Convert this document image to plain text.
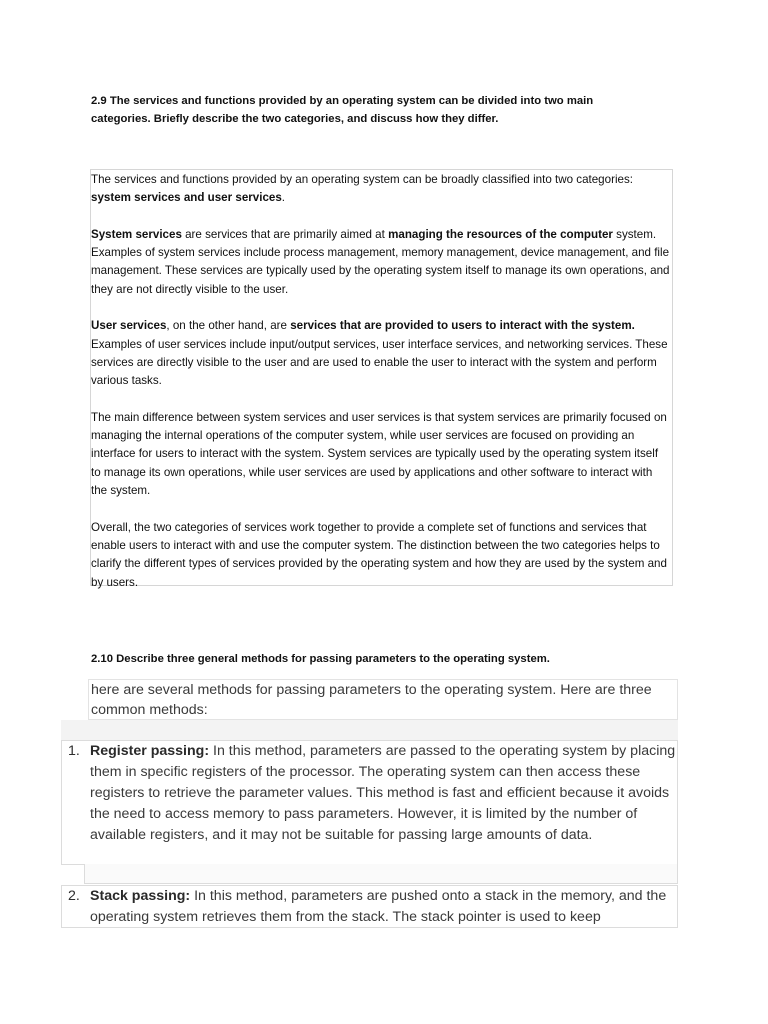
2.9 The services and functions provided by an operating system can be divided into two main categories. Briefly describe the two categories, and discuss how they differ.

The services and functions provided by an operating system can be broadly classified into two categories: system services and user services.

System services are services that are primarily aimed at managing the resources of the computer system. Examples of system services include process management, memory management, device management, and file management. These services are typically used by the operating system itself to manage its own operations, and they are not directly visible to the user.

User services, on the other hand, are services that are provided to users to interact with the system. Examples of user services include input/output services, user interface services, and networking services. These services are directly visible to the user and are used to enable the user to interact with the system and perform various tasks.

The main difference between system services and user services is that system services are primarily focused on managing the internal operations of the computer system, while user services are focused on providing an interface for users to interact with the system. System services are typically used by the operating system itself to manage its own operations, while user services are used by applications and other software to interact with the system.

Overall, the two categories of services work together to provide a complete set of functions and services that enable users to interact with and use the computer system. The distinction between the two categories helps to clarify the different types of services provided by the operating system and how they are used by the system and by users.

2.10 Describe three general methods for passing parameters to the operating system.
here are several methods for passing parameters to the operating system. Here are three common methods:
1. Register passing: In this method, parameters are passed to the operating system by placing them in specific registers of the processor. The operating system can then access these registers to retrieve the parameter values. This method is fast and efficient because it avoids the need to access memory to pass parameters. However, it is limited by the number of available registers, and it may not be suitable for passing large amounts of data.
2. Stack passing: In this method, parameters are pushed onto a stack in the memory, and the operating system retrieves them from the stack. The stack pointer is used to keep
